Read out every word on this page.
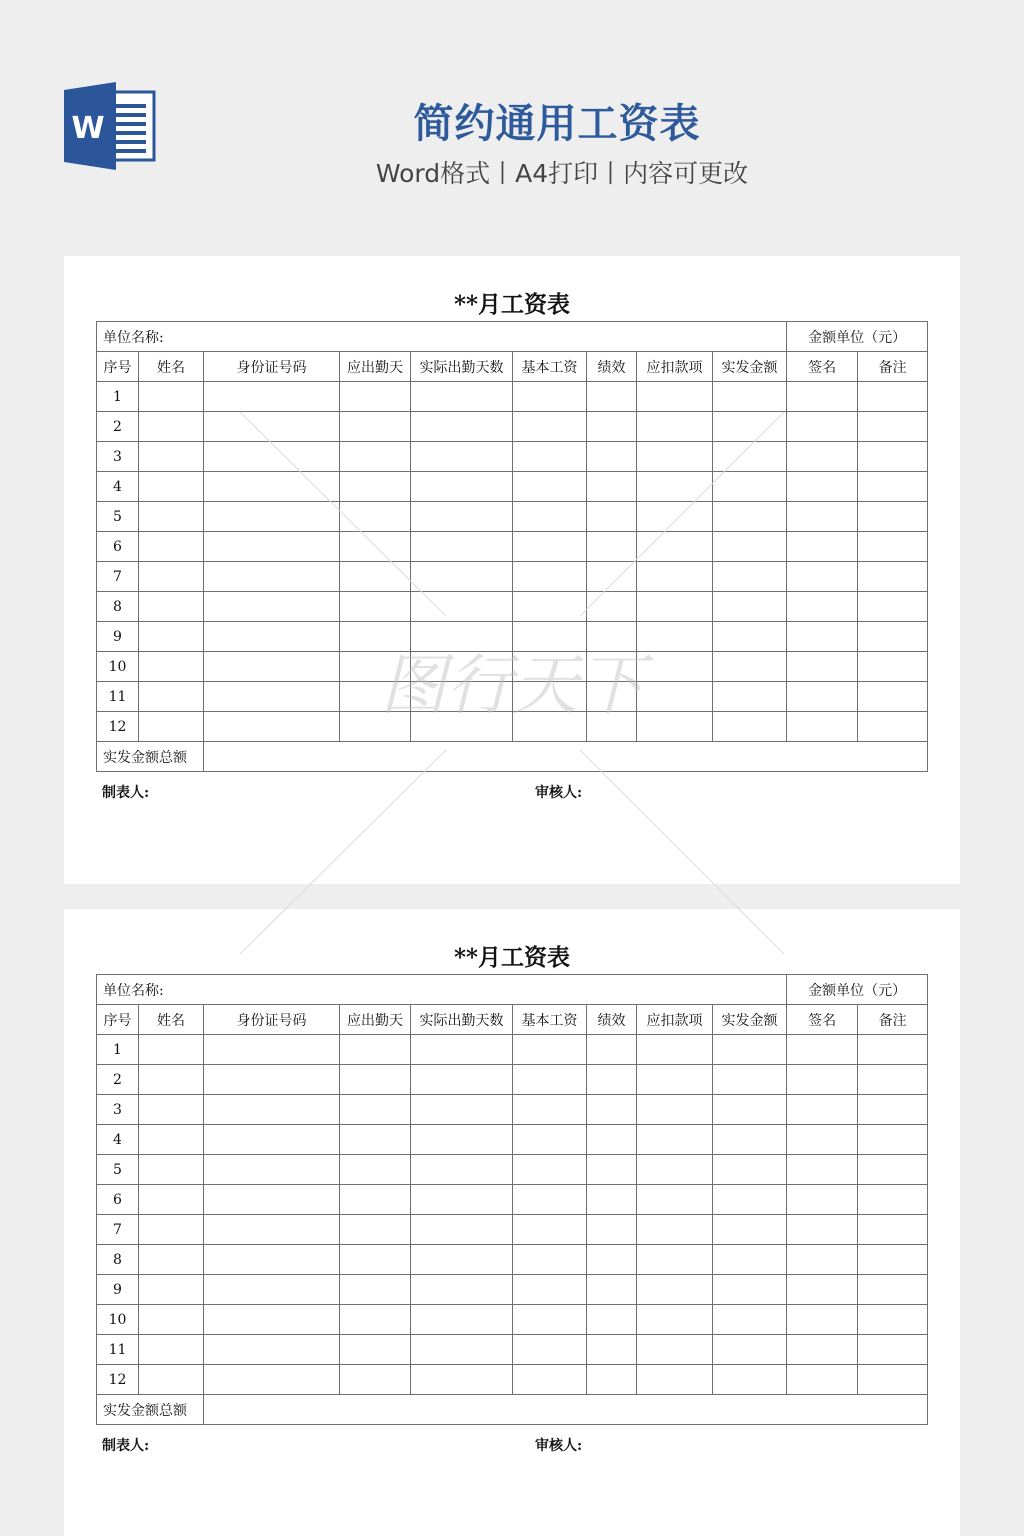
W	简约通用工资表
Word格式丨A4打印丨内容可更改
**月工资表
单位名称:									金额单位（元）	
序号	姓名	身份证号码	应出勤天	实际出勤天数	基本工资	绩效	应扣款项	实发金额	签名	备注
1										
2										
3										
4										
5										
6										
7										
8										
9										
10										
11										
12										
实发金额总额										
制表人:	审核人:
**月工资表
单位名称:									金额单位（元）	
序号	姓名	身份证号码	应出勤天	实际出勤天数	基本工资	绩效	应扣款项	实发金额	签名	备注
1										
2										
3										
4										
5										
6										
7										
8										
9										
10										
11										
12										
实发金额总额										
制表人:	审核人:
图行天下
